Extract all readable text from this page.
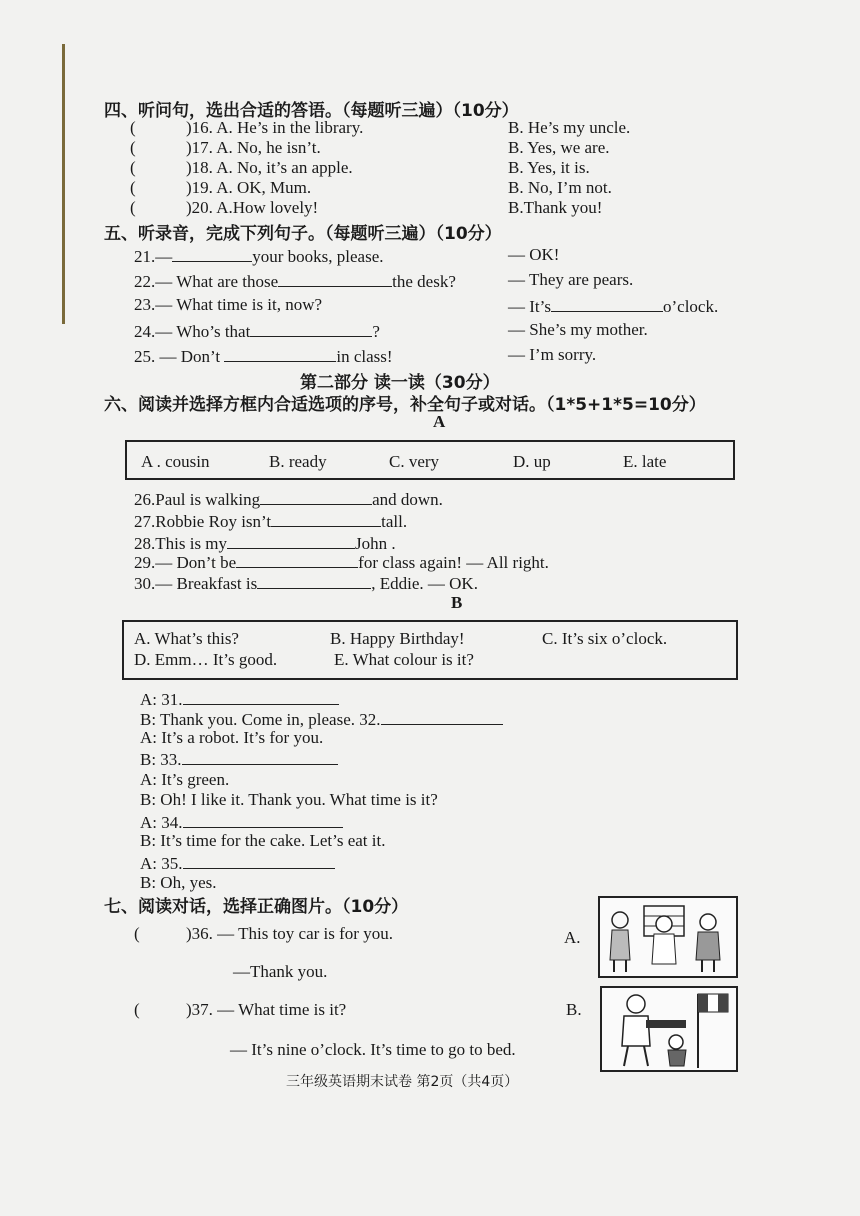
四、听问句，选出合适的答语。（每题听三遍）（10分）
(	)16. A. He’s in the library.	B. He’s my uncle.
(	)17. A. No, he isn’t.	B. Yes, we are.
(	)18. A. No, it’s an apple.	B. Yes, it is.
(	)19. A. OK, Mum.	B. No, I’m not.
(	)20. A.How lovely!	B.Thank you!
五、听录音，完成下列句子。（每题听三遍）（10分）
21.—	your books, please.	— OK!
22.— What are those	the desk?	— They are pears.
23.— What time is it, now?	— It’s	o’clock.
24.— Who’s that	?	— She’s my mother.
25. — Don’t	in class!	— I’m sorry.
第二部分 读一读（30分）
六、阅读并选择方框内合适选项的序号，补全句子或对话。（1*5+1*5=10分）
A
A . cousin	B. ready	C. very	D. up	E. late
26.Paul is walking	and down.
27.Robbie Roy isn’t	tall.
28.This is my	John .
29.— Don’t be	for class again! — All right.
30.— Breakfast is	, Eddie. — OK.
B
A. What’s this?	B. Happy Birthday!	C. It’s six o’clock.
D. Emm… It’s good.	E. What colour is it?
A: 31.
B: Thank you. Come in, please. 32.
A: It’s a robot. It’s for you.
B: 33.
A: It’s green.
B: Oh! I like it. Thank you. What time is it?
A: 34.
B: It’s time for the cake. Let’s eat it.
A: 35.
B: Oh, yes.
七、阅读对话，选择正确图片。（10分）
(	)36. — This toy car is for you.
—Thank you.
A.
(	)37. — What time is it?
— It’s nine o’clock. It’s time to go to bed.
B.
三年级英语期末试卷 第2页（共4页）
